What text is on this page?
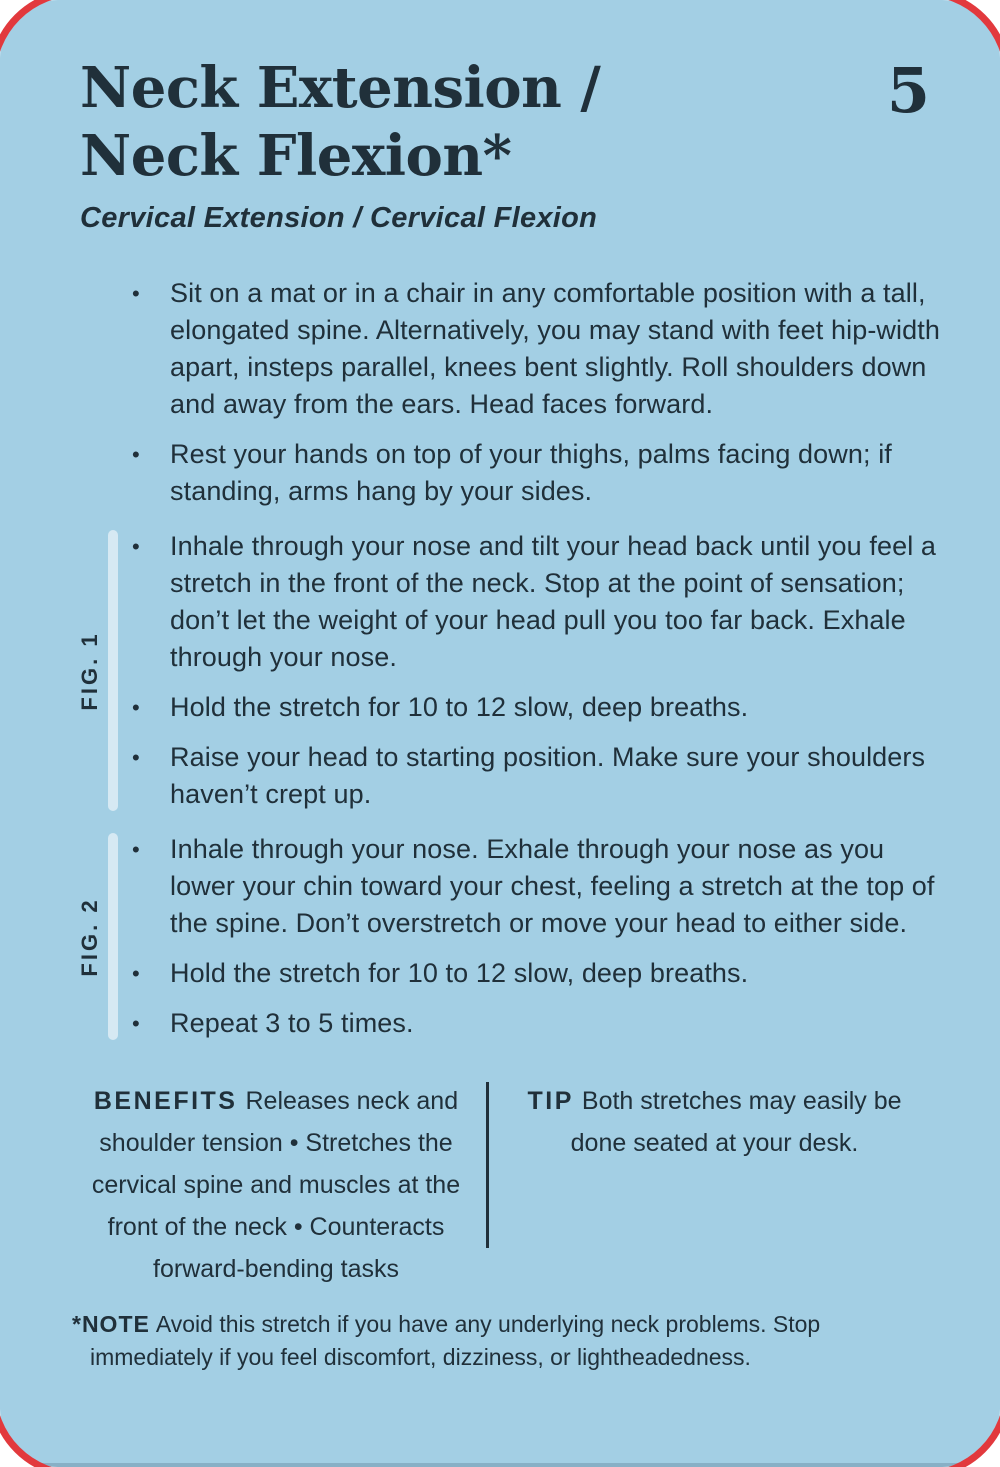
Neck Extension /
Neck Flexion*
5

Cervical Extension / Cervical Flexion

•	Sit on a mat or in a chair in any comfortable position with a tall, elongated spine. Alternatively, you may stand with feet hip-width apart, insteps parallel, knees bent slightly. Roll shoulders down and away from the ears. Head faces forward.

•	Rest your hands on top of your thighs, palms facing down; if standing, arms hang by your sides.

FIG. 1
•	Inhale through your nose and tilt your head back until you feel a stretch in the front of the neck. Stop at the point of sensation; don’t let the weight of your head pull you too far back. Exhale through your nose.

•	Hold the stretch for 10 to 12 slow, deep breaths.

•	Raise your head to starting position. Make sure your shoulders haven’t crept up.

FIG. 2
•	Inhale through your nose. Exhale through your nose as you lower your chin toward your chest, feeling a stretch at the top of the spine. Don’t overstretch or move your head to either side.

•	Hold the stretch for 10 to 12 slow, deep breaths.

•	Repeat 3 to 5 times.

BENEFITS Releases neck and shoulder tension • Stretches the cervical spine and muscles at the front of the neck • Counteracts forward-bending tasks

TIP Both stretches may easily be done seated at your desk.

*NOTE Avoid this stretch if you have any underlying neck problems. Stop immediately if you feel discomfort, dizziness, or lightheadedness.
